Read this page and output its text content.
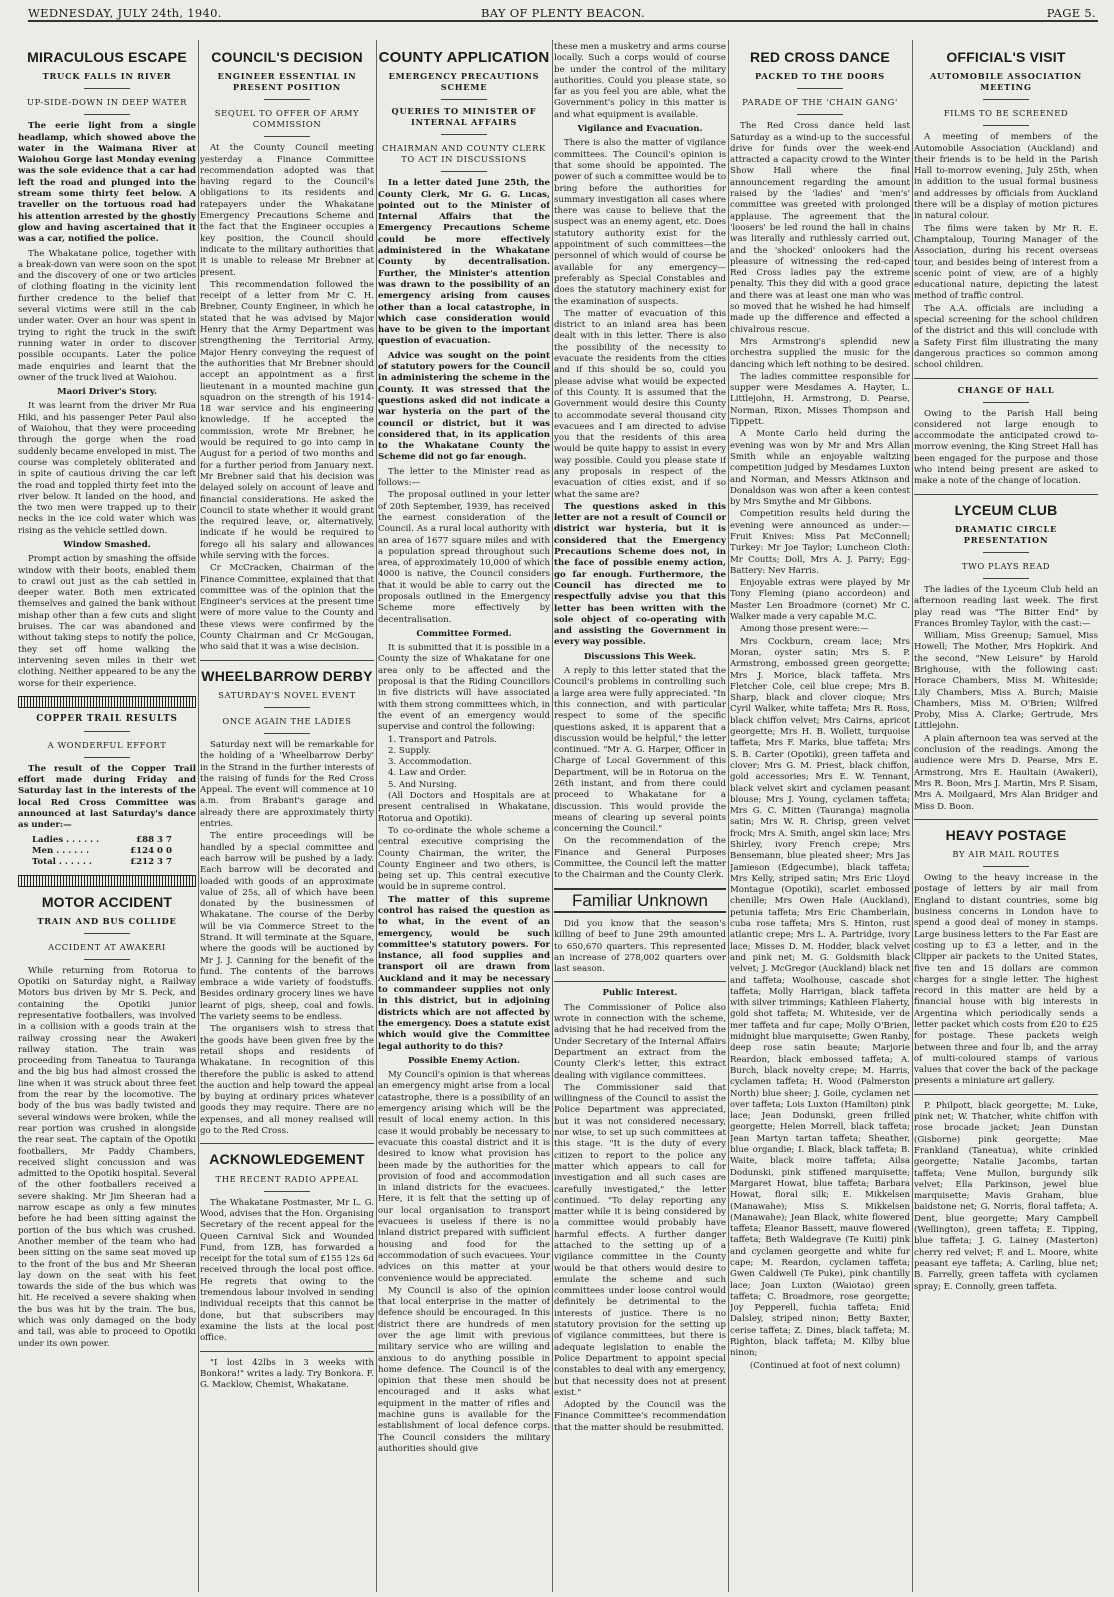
WEDNESDAY, JULY 24th, 1940.	BAY OF PLENTY BEACON.	PAGE 5.
MIRACULOUS ESCAPE
TRUCK FALLS IN RIVER
UP-SIDE-DOWN IN DEEP WATER
The eerie light from a single headlamp, which showed above the water in the Waimana River at Waiohou Gorge last Monday evening was the sole evidence that a car had left the road and plunged into the stream some thirty feet below. A traveller on the tortuous road had his attention arrested by the ghostly glow and having ascertained that it was a car, notified the police.
The Whakatane police, together with a break-down van were soon on the spot and the discovery of one or two articles of clothing floating in the vicinity lent further credence to the belief that several victims were still in the cab under water. Over an hour was spent in trying to right the truck in the swift running water in order to discover possible occupants. Later the police made enquiries and learnt that the owner of the truck lived at Waiohou.
Maori Driver's Story.
It was learnt from the driver Mr Rua Hiki, and his passenger Peter Paul also of Waiohou, that they were proceeding through the gorge when the road suddenly became enveloped in mist. The course was completely obliterated and in spite of cautious driving the car left the road and toppled thirty feet into the river below. It landed on the hood, and the two men were trapped up to their necks in the ice cold water which was rising as the vehicle settled down.
Window Smashed.
Prompt action by smashing the offside window with their boots, enabled them to crawl out just as the cab settled in deeper water. Both men extricated themselves and gained the bank without mishap other than a few cuts and slight bruises. The car was abandoned and without taking steps to notify the police, they set off home walking the intervening seven miles in their wet clothing. Neither appeared to be any the worse for their experience.
COPPER TRAIL RESULTS
A WONDERFUL EFFORT
The result of the Copper Trail effort made during Friday and Saturday last in the interests of the local Red Cross Committee was announced at last Saturday's dance as under:—
Ladies . . . . . .	£88 3 7
Men . . . . . .	£124 0 0
Total . . . . . .	£212 3 7
MOTOR ACCIDENT
TRAIN AND BUS COLLIDE
ACCIDENT AT AWAKERI
While returning from Rotorua to Opotiki on Saturday night, a Railway Motors bus driven by Mr S. Peck, and containing the Opotiki junior representative footballers, was involved in a collision with a goods train at the railway crossing near the Awakeri railway station. The train was proceeding from Taneatua to Tauranga and the big bus had almost crossed the line when it was struck about three feet from the rear by the locomotive. The body of the bus was badly twisted and several windows were broken, while the rear portion was crushed in alongside the rear seat. The captain of the Opotiki footballers, Mr Paddy Chambers, received slight concussion and was admitted to the Opotiki hospital. Several of the other footballers received a severe shaking. Mr Jim Sheeran had a narrow escape as only a few minutes before he had been sitting against the portion of the bus which was crushed. Another member of the team who had been sitting on the same seat moved up to the front of the bus and Mr Sheeran lay down on the seat with his feet towards the side of the bus which was hit. He received a severe shaking when the bus was hit by the train. The bus, which was only damaged on the body and tail, was able to proceed to Opotiki under its own power.
COUNCIL'S DECISION
ENGINEER ESSENTIAL IN PRESENT POSITION
SEQUEL TO OFFER OF ARMY COMMISSION
At the County Council meeting yesterday a Finance Committee recommendation adopted was that having regard to the Council's obligations to its residents and ratepayers under the Whakatane Emergency Precautions Scheme and the fact that the Engineer occupies a key position, the Council should indicate to the military authorities that it is unable to release Mr Brebner at present.
This recommendation followed the receipt of a letter from Mr C. H. Brebner, County Engineer, in which he stated that he was advised by Major Henry that the Army Department was strengthening the Territorial Army, Major Henry conveying the request of the authorities that Mr Brebner should accept an appointment as a first lieutenant in a mounted machine gun squadron on the strength of his 1914-18 war service and his engineering knowledge. If he accepted the commission, wrote Mr Brebner, he would be required to go into camp in August for a period of two months and for a further period from January next. Mr Brebner said that his decision was delayed solely on account of leave and financial considerations. He asked the Council to state whether it would grant the required leave, or, alternatively, indicate if he would be required to forego all his salary and allowances while serving with the forces.
Cr McCracken, Chairman of the Finance Committee, explained that that committee was of the opinion that the Engineer's services at the present time were of more value to the County and these views were confirmed by the County Chairman and Cr McGougan, who said that it was a wise decision.
WHEELBARROW DERBY
SATURDAY'S NOVEL EVENT
ONCE AGAIN THE LADIES
Saturday next will be remarkable for the holding of a 'Wheelbarrow Derby' in the Strand in the further interests of the raising of funds for the Red Cross Appeal. The event will commence at 10 a.m. from Brabant's garage and already there are approximately thirty entries.
The entire proceedings will be handled by a special committee and each barrow will be pushed by a lady. Each barrow will be decorated and loaded with goods of an approximate value of 25s, all of which have been donated by the businessmen of Whakatane. The course of the Derby will be via Commerce Street to the Strand. It will terminate at the Square, where the goods will be auctioned by Mr J. J. Canning for the benefit of the fund. The contents of the barrows embrace a wide variety of foodstuffs. Besides ordinary grocery lines we have learnt of pigs, sheep, coal and fowls. The variety seems to be endless.
The organisers wish to stress that the goods have been given free by the retail shops and residents of Whakatane. In recognition of this therefore the public is asked to attend the auction and help toward the appeal by buying at ordinary prices whatever goods they may require. There are no expenses, and all money realised will go to the Red Cross.
ACKNOWLEDGEMENT
THE RECENT RADIO APPEAL
The Whakatane Postmaster, Mr L. G. Wood, advises that the Hon. Organising Secretary of the recent appeal for the Queen Carnival Sick and Wounded Fund, from 1ZB, has forwarded a receipt for the total sum of £155 12s 6d received through the local post office. He regrets that owing to the tremendous labour involved in sending individual receipts that this cannot be done, but that subscribers may examine the lists at the local post office.
"I lost 42lbs in 3 weeks with Bonkora!" writes a lady. Try Bonkora. F. G. Macklow, Chemist, Whakatane.
COUNTY APPLICATION
EMERGENCY PRECAUTIONS SCHEME
QUERIES TO MINISTER OF INTERNAL AFFAIRS
CHAIRMAN AND COUNTY CLERK TO ACT IN DISCUSSIONS
In a letter dated June 25th, the County Clerk, Mr G. G. Lucas, pointed out to the Minister of Internal Affairs that the Emergency Precautions Scheme could be more effectively administered in the Whakatane County by decentralisation. Further, the Minister's attention was drawn to the possibility of an emergency arising from causes other than a local catastrophe, in which case consideration would have to be given to the important question of evacuation.
Advice was sought on the point of statutory powers for the Council in administering the scheme in the County. It was stressed that the questions asked did not indicate a war hysteria on the part of the council or district, but it was considered that, in its application to the Whakatane County the Scheme did not go far enough.
The letter to the Minister read as follows:—
The proposal outlined in your letter of 20th September, 1939, has received the earnest consideration of the Council. As a rural local authority with an area of 1677 square miles and with a population spread throughout such area, of approximately 10,000 of which 4000 is native, the Council considers that it would be able to carry out the proposals outlined in the Emergency Scheme more effectively by decentralisation.
Committee Formed.
It is submitted that it is possible in a County the size of Whakatane for one area only to be affected and the proposal is that the Riding Councillors in five districts will have associated with them strong committees which, in the event of an emergency would supervise and control the following:
1. Transport and Patrols.
2. Supply.
3. Accommodation.
4. Law and Order.
5. And Nursing.
(All Doctors and Hospitals are at present centralised in Whakatane, Rotorua and Opotiki).
To co-ordinate the whole scheme a central executive comprising the County Chairman, the writer, the County Engineer and two others, is being set up. This central executive would be in supreme control.
The matter of this supreme control has raised the question as to what, in the event of an emergency, would be such committee's statutory powers. For instance, all food supplies and transport oil are drawn from Auckland and it may be necessary to commandeer supplies not only in this district, but in adjoining districts which are not affected by the emergency. Does a statute exist which would give the Committee legal authority to do this?
Possible Enemy Action.
My Council's opinion is that whereas an emergency might arise from a local catastrophe, there is a possibility of an emergency arising which will be the result of local enemy action. In this case it would probably be necessary to evacuate this coastal district and it is desired to know what provision has been made by the authorities for the provision of food and accommodation in inland districts for the evacuees. Here, it is felt that the setting up of our local organisation to transport evacuees is useless if there is no inland district prepared with sufficient housing and food for the accommodation of such evacuees. Your advices on this matter at your convenience would be appreciated.
My Council is also of the opinion that local enterprise in the matter of defence should be encouraged. In this district there are hundreds of men over the age limit with previous military service who are willing and anxious to do anything possible in home defence. The Council is of the opinion that these men should be encouraged and it asks what equipment in the matter of rifles and machine guns is available for the establishment of local defence corps. The Council considers the military authorities should give
these men a musketry and arms course locally. Such a corps would of course be under the control of the military authorities. Could you please state, so far as you feel you are able, what the Government's policy in this matter is and what equipment is available.
Vigilance and Evacuation.
There is also the matter of vigilance committees. The Council's opinion is that some should be appointed. The power of such a committee would be to bring before the authorities for summary investigation all cases where there was cause to believe that the suspect was an enemy agent, etc. Does statutory authority exist for the appointment of such committees—the personnel of which would of course be available for any emergency—preferably as Special Constables and does the statutory machinery exist for the examination of suspects.
The matter of evacuation of this district to an inland area has been dealt with in this letter. There is also the possibility of the necessity to evacuate the residents from the cities and if this should be so, could you please advise what would be expected of this County. It is assumed that the Government would desire this County to accommodate several thousand city evacuees and I am directed to advise you that the residents of this area would be quite happy to assist in every way possible. Could you please state if any proposals in respect of the evacuation of cities exist, and if so what the same are?
The questions asked in this letter are not a result of Council or district war hysteria, but it is considered that the Emergency Precautions Scheme does not, in the face of possible enemy action, go far enough. Furthermore, the Council has directed me to respectfully advise you that this letter has been written with the sole object of co-operating with and assisting the Government in every way possible.
Discussions This Week.
A reply to this letter stated that the Council's problems in controlling such a large area were fully appreciated. "In this connection, and with particular respect to some of the specific questions asked, it is apparent that a discussion would be helpful," the letter continued. "Mr A. G. Harper, Officer in Charge of Local Government of this Department, will be in Rotorua on the 26th instant, and from there could proceed to Whakatane for a discussion. This would provide the means of clearing up several points concerning the Council."
On the recommendation of the Finance and General Purposes Committee, the Council left the matter to the Chairman and the County Clerk.
Familiar Unknown
Did you know that the season's killing of beef to June 29th amounted to 650,670 quarters. This represented an increase of 278,002 quarters over last season.
Public Interest.
The Commissioner of Police also wrote in connection with the scheme, advising that he had received from the Under Secretary of the Internal Affairs Department an extract from the County Clerk's letter, this extract dealing with vigilance committees.
The Commissioner said that willingness of the Council to assist the Police Department was appreciated, but it was not considered necessary, nor wise, to set up such committees at this stage. "It is the duty of every citizen to report to the police any matter which appears to call for investigation and all such cases are carefully investigated," the letter continued. "To delay reporting any matter while it is being considered by a committee would probably have harmful effects. A further danger attached to the setting up of a vigilance committee in the County would be that others would desire to emulate the scheme and such committees under loose control would definitely be detrimental to the interests of justice. There is no statutory provision for the setting up of vigilance committees, but there is adequate legislation to enable the Police Department to appoint special constables to deal with any emergency, but that necessity does not at present exist."
Adopted by the Council was the Finance Committee's recommendation that the matter should be resubmitted.
RED CROSS DANCE
PACKED TO THE DOORS
PARADE OF THE 'CHAIN GANG'
The Red Cross dance held last Saturday as a wind-up to the successful drive for funds over the week-end attracted a capacity crowd to the Winter Show Hall where the final announcement regarding the amount raised by the 'ladies' and 'men's' committee was greeted with prolonged applause. The agreement that the 'loosers' be led round the hall in chains was literally and ruthlessly carried out, and the 'shocked' onlookers had the pleasure of witnessing the red-caped Red Cross ladies pay the extreme penalty. This they did with a good grace and there was at least one man who was so moved that he wished he had himself made up the difference and effected a chivalrous rescue.
Mrs Armstrong's splendid new orchestra supplied the music for the dancing which left nothing to be desired.
The ladies committee responsible for supper were Mesdames A. Hayter, L. Littlejohn, H. Armstrong, D. Pearse, Norman, Rixon, Misses Thompson and Tippett.
A Monte Carlo held during the evening was won by Mr and Mrs Allan Smith while an enjoyable waltzing competition judged by Mesdames Luxton and Norman, and Messrs Atkinson and Donaldson was won after a keen contest by Mrs Smythe and Mr Gibbons.
Competition results held during the evening were announced as under:—Fruit Knives: Miss Pat McConnell; Turkey: Mr Joe Taylor; Luncheon Cloth: Mr Coutts; Doll, Mrs A. J. Parry; Egg-Battery: Nev Harris.
Enjoyable extras were played by Mr Tony Fleming (piano accordeon) and Master Len Broadmore (cornet) Mr C. Walker made a very capable M.C.
Among those present were:—
Mrs Cockburn, cream lace; Mrs Moran, oyster satin; Mrs S. P. Armstrong, embossed green georgette; Mrs J. Morice, black taffeta. Mrs Fletcher Cole, ceil blue crepe; Mrs B. Sharp, black and clover cloque; Mrs Cyril Walker, white taffeta; Mrs R. Ross, black chiffon velvet; Mrs Cairns, apricot georgette; Mrs H. B. Wollett, turquoise taffeta; Mrs F. Marks, blue taffeta; Mrs S. B. Carter (Opotiki), green taffeta and clover; Mrs G. M. Priest, black chiffon, gold accessories; Mrs E. W. Tennant, black velvet skirt and cyclamen peasant blouse; Mrs J. Young, cyclamen taffeta; Mrs G. C. Mitten (Tauranga) magnolia satin; Mrs W. R. Chrisp, green velvet frock; Mrs A. Smith, angel skin lace; Mrs Shirley, ivory French crepe; Mrs Bensemann, blue pleated sheer; Mrs Jas Jamieson (Edgecumbe), black taffeta; Mrs Kelly, striped satin; Mrs Eric Lloyd Montague (Opotiki), scarlet embossed chenille; Mrs Owen Hale (Auckland), petunia taffeta; Mrs Eric Chamberlain, cuba rose taffeta; Mrs S. Hinton, rust atlantic crepe; Mrs L. A. Partridge, ivory lace; Misses D. M. Hodder, black velvet and pink net; M. G. Goldsmith black velvet; J. McGregor (Auckland) black net and taffeta; Woolhouse, cascade shot taffeta; Molly Harrigan, black taffeta with silver trimmings; Kathleen Flaherty, gold shot taffeta; M. Whiteside, ver de mer taffeta and fur cape; Molly O'Brien, midnight blue marquisette; Gwen Ranby, deep rose satin beaute; Marjorie Reardon, black embossed taffeta; A. Burch, black novelty crepe; M. Harris, cyclamen taffeta; H. Wood (Palmerston North) blue sheer; J. Goile, cyclamen net over taffeta; Lois Luxton (Hamilton) pink lace; Jean Dodunski, green frilled georgette; Helen Morrell, black taffeta; Jean Martyn tartan taffeta; Sheather, blue organdie; I. Black, black taffeta; B. Waite, black moire taffeta; Ailsa Dodunski, pink stiffened marquisette; Margaret Howat, blue taffeta; Barbara Howat, floral silk; E. Mikkelsen (Manawahe); Miss S. Mikkelsen (Manawahe); Jean Black, white flowered taffeta; Eleanor Bassett, mauve flowered taffeta; Beth Waldegrave (Te Kuiti) pink and cyclamen georgette and white fur cape; M. Reardon, cyclamen taffeta; Gwen Caldwell (Te Puke), pink chantilly lace; Joan Luxton (Waiotao) green taffeta; C. Broadmore, rose georgette; Joy Pepperell, fuchia taffeta; Enid Dalsley, striped ninon; Betty Baxter, cerise taffeta; Z. Dines, black taffeta; M. Righton, black taffeta; M. Kilby blue ninon;
(Continued at foot of next column)
OFFICIAL'S VISIT
AUTOMOBILE ASSOCIATION MEETING
FILMS TO BE SCREENED
A meeting of members of the Automobile Association (Auckland) and their friends is to be held in the Parish Hall to-morrow evening, July 25th, when in addition to the usual formal business and addresses by officials from Auckland there will be a display of motion pictures in natural colour.
The films were taken by Mr R. E. Champtaloup, Touring Manager of the Association, during his recent overseas tour, and besides being of interest from a scenic point of view, are of a highly educational nature, depicting the latest method of traffic control.
The A.A. officials are including a special screening for the school children of the district and this will conclude with a Safety First film illustrating the many dangerous practices so common among school children.
CHANGE OF HALL
Owing to the Parish Hall being considered not large enough to accommodate the anticipated crowd to-morrow evening, the King Street Hall has been engaged for the purpose and those who intend being present are asked to make a note of the change of location.
LYCEUM CLUB
DRAMATIC CIRCLE PRESENTATION
TWO PLAYS READ
The ladies of the Lyceum Club held an afternoon reading last week. The first play read was "The Bitter End" by Frances Bromley Taylor, with the cast:—
William, Miss Greenup; Samuel, Miss Howell; The Mother, Mrs Hopkirk. And the second, "New Leisure" by Harold Brighouse, with the following cast: Horace Chambers, Miss M. Whiteside; Lily Chambers, Miss A. Burch; Maisie Chambers, Miss M. O'Brien; Wilfred Proby, Miss A. Clarke; Gertrude, Mrs Littlejohn.
A plain afternoon tea was served at the conclusion of the readings. Among the audience were Mrs D. Pearse, Mrs E. Armstrong, Mrs E. Haultain (Awakeri), Mrs R. Boon, Mrs J. Martin, Mrs P. Sisam, Mrs A. Moilgaard, Mrs Alan Bridger and Miss D. Boon.
HEAVY POSTAGE
BY AIR MAIL ROUTES
Owing to the heavy increase in the postage of letters by air mail from England to distant countries, some big business concerns in London have to spend a good deal of money in stamps. Large business letters to the Far East are costing up to £3 a letter, and in the Clipper air packets to the United States, five ten and 15 dollars are common charges for a single letter. The highest record in this matter are held by a financial house with big interests in Argentina which periodically sends a letter packet which costs from £20 to £25 for postage. These packets weigh between three and four lb, and the array of multi-coloured stamps of various values that cover the back of the package presents a miniature art gallery.
P. Philpott, black georgette; M. Luke, pink net; W. Thatcher, white chiffon with rose brocade jacket; Jean Dunstan (Gisborne) pink georgette; Mae Frankland (Taneatua), white crinkled georgette; Natalie Jacombs, tartan taffeta; Vene Mullon, burgundy silk velvet; Ella Parkinson, jewel blue marquisette; Mavis Graham, blue baidstone net; G. Norris, floral taffeta; A. Dent, blue georgette; Mary Campbell (Wellington), green taffeta; E. Tipping, blue taffeta; J. G. Lainey (Masterton) cherry red velvet; F. and L. Moore, white peasant eye taffeta; A. Carling, blue net; B. Farrelly, green taffeta with cyclamen spray; E. Connolly, green taffeta.
